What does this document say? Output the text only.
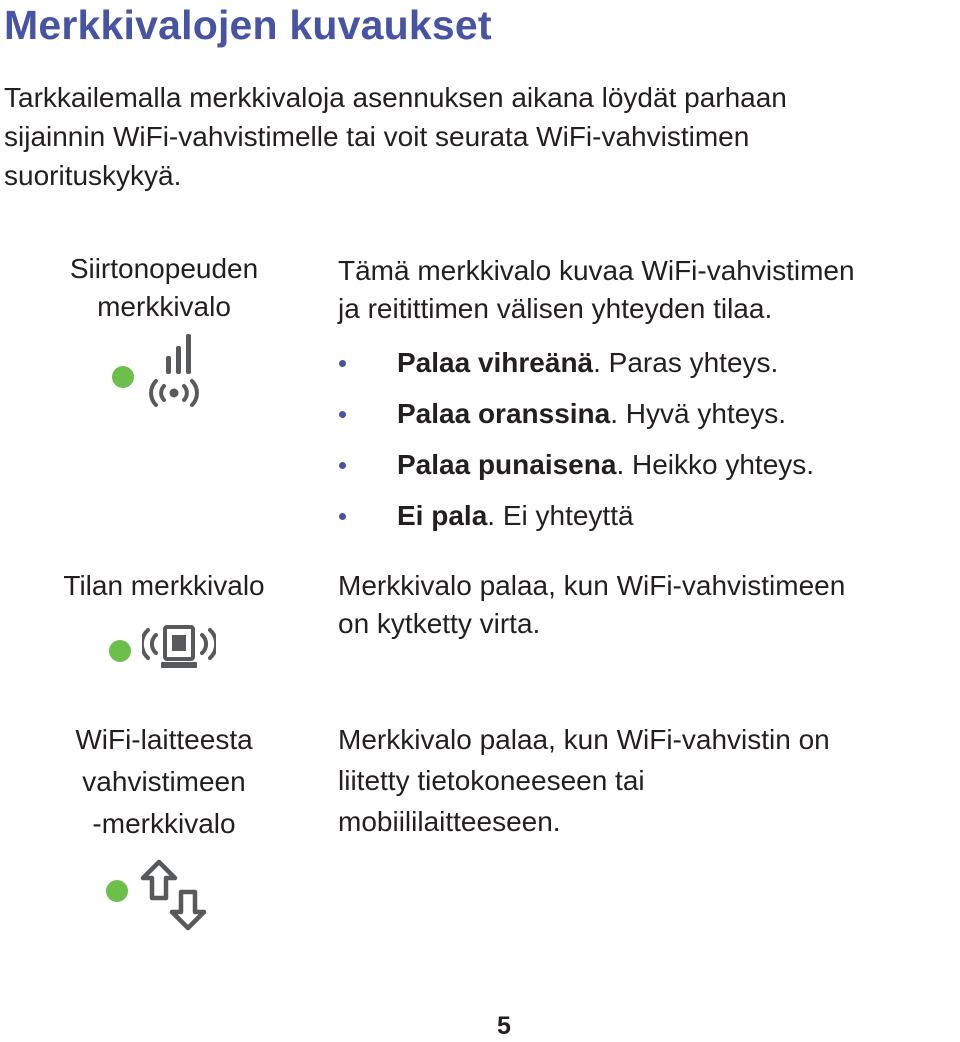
Merkkivalojen kuvaukset

Tarkkailemalla merkkivaloja asennuksen aikana löydät parhaan
sijainnin WiFi-vahvistimelle tai voit seurata WiFi-vahvistimen
suorituskykyä.

Siirtonopeuden
merkkivalo
Tämä merkkivalo kuvaa WiFi-vahvistimen
ja reitittimen välisen yhteyden tilaa.
Palaa vihreänä. Paras yhteys.
Palaa oranssina. Hyvä yhteys.
Palaa punaisena. Heikko yhteys.
Ei pala. Ei yhteyttä
Tilan merkkivalo	Merkkivalo palaa, kun WiFi-vahvistimeen
on kytketty virta.
WiFi-laitteesta
vahvistimeen
-merkkivalo
Merkkivalo palaa, kun WiFi-vahvistin on
liitetty tietokoneeseen tai
mobiililaitteeseen.
5
